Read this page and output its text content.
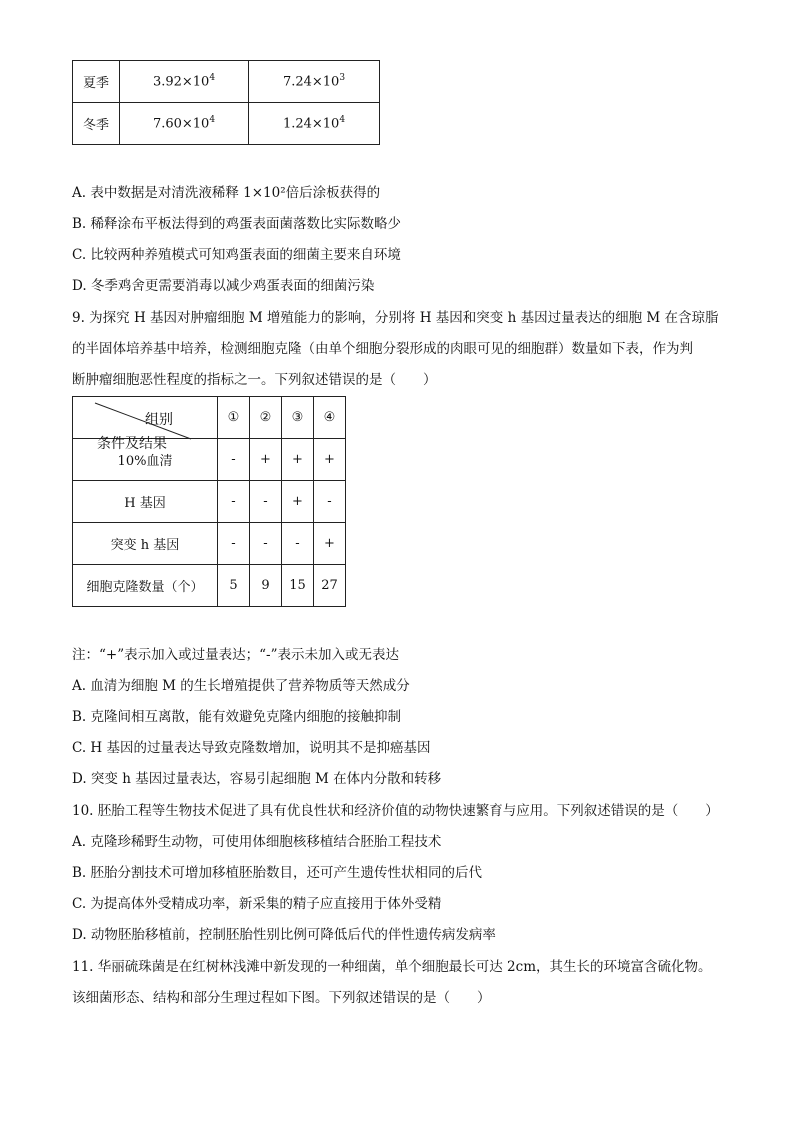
夏季	$3.92\times 10^4$	$7.24\times 10^3$
冬季	$7.60\times 10^4$	$1.24\times 10^4$
A. 表中数据是对清洗液稀释 1×10²倍后涂板获得的
B. 稀释涂布平板法得到的鸡蛋表面菌落数比实际数略少
C. 比较两种养殖模式可知鸡蛋表面的细菌主要来自环境
D. 冬季鸡舍更需要消毒以减少鸡蛋表面的细菌污染
9. 为探究 H 基因对肿瘤细胞 M 增殖能力的影响，分别将 H 基因和突变 h 基因过量表达的细胞 M 在含琼脂
的半固体培养基中培养，检测细胞克隆（由单个细胞分裂形成的肉眼可见的细胞群）数量如下表，作为判
断肿瘤细胞恶性程度的指标之一。下列叙述错误的是（　　）
组别
条件及结果	①	②	③	④
10%血清	-	+	+	+
H 基因	-	-	+	-
突变 h 基因	-	-	-	+
细胞克隆数量（个）	5	9	15	27
注：“+”表示加入或过量表达；“-”表示未加入或无表达
A. 血清为细胞 M 的生长增殖提供了营养物质等天然成分
B. 克隆间相互离散，能有效避免克隆内细胞的接触抑制
C. H 基因的过量表达导致克隆数增加，说明其不是抑癌基因
D. 突变 h 基因过量表达，容易引起细胞 M 在体内分散和转移
10. 胚胎工程等生物技术促进了具有优良性状和经济价值的动物快速繁育与应用。下列叙述错误的是（　　）
A. 克隆珍稀野生动物，可使用体细胞核移植结合胚胎工程技术
B. 胚胎分割技术可增加移植胚胎数目，还可产生遗传性状相同的后代
C. 为提高体外受精成功率，新采集的精子应直接用于体外受精
D. 动物胚胎移植前，控制胚胎性别比例可降低后代的伴性遗传病发病率
11. 华丽硫珠菌是在红树林浅滩中新发现的一种细菌，单个细胞最长可达 2cm，其生长的环境富含硫化物。
该细菌形态、结构和部分生理过程如下图。下列叙述错误的是（　　）
